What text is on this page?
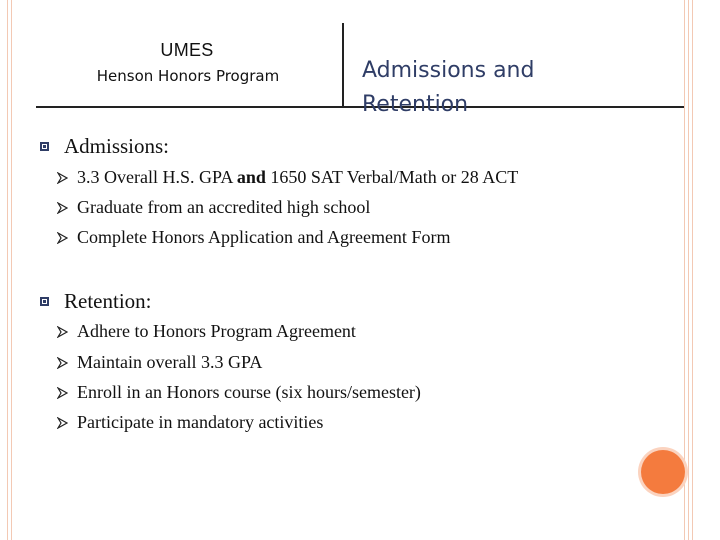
UMES
Henson Honors Program	Admissions and Retention
Admissions:
3.3 Overall H.S. GPA and 1650 SAT Verbal/Math or 28 ACT
Graduate from an accredited high school
Complete Honors Application and Agreement Form
Retention:
Adhere to Honors Program Agreement
Maintain overall 3.3 GPA
Enroll in an Honors course (six hours/semester)
Participate in mandatory activities
